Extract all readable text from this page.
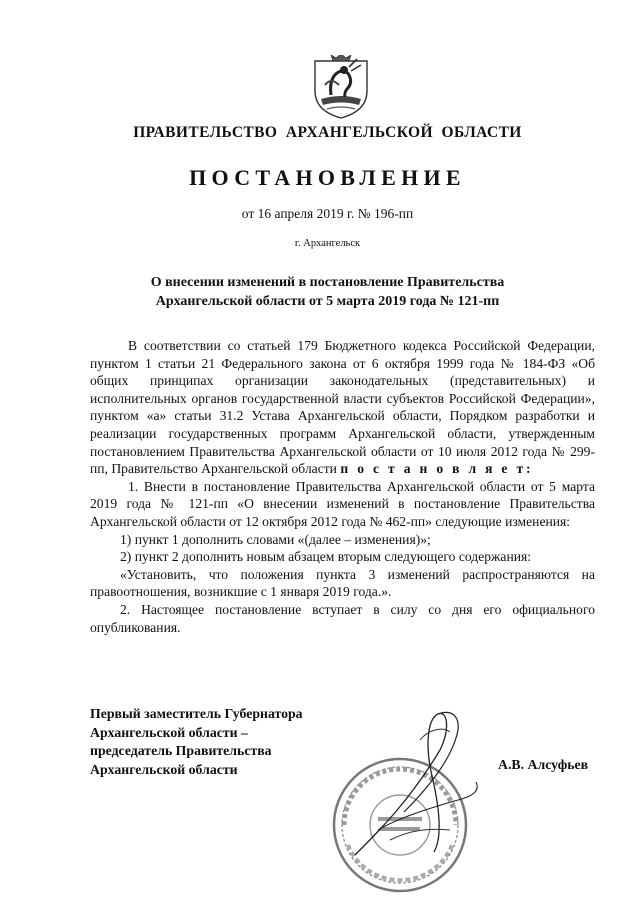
ПРАВИТЕЛЬСТВО  АРХАНГЕЛЬСКОЙ  ОБЛАСТИ
ПОСТАНОВЛЕНИЕ
от 16 апреля 2019 г. № 196-пп
г. Архангельск
О внесении изменений в постановление Правительства
Архангельской области от 5 марта 2019 года № 121-пп

В соответствии со статьей 179 Бюджетного кодекса Российской Федерации, пунктом 1 статьи 21 Федерального закона от 6 октября 1999 года № 184-ФЗ «Об общих принципах организации законодательных (представительных) и исполнительных органов государственной власти субъектов Российской Федерации», пунктом «а» статьи 31.2 Устава Архангельской области, Порядком разработки и реализации государственных программ Архангельской области, утвержденным постановлением Правительства Архангельской области от 10 июля 2012 года № 299-пп, Правительство Архангельской области п о с т а н о в л я е т:

1. Внести в постановление Правительства Архангельской области от 5 марта 2019 года № 121-пп «О внесении изменений в постановление Правительства Архангельской области от 12 октября 2012 года № 462-пп» следующие изменения:

1) пункт 1 дополнить словами «(далее – изменения)»;

2) пункт 2 дополнить новым абзацем вторым следующего содержания:

«Установить, что положения пункта 3 изменений распространяются на правоотношения, возникшие с 1 января 2019 года.».

2. Настоящее постановление вступает в силу со дня его официального опубликования.

Первый заместитель Губернатора
Архангельской области –
председатель Правительства
Архангельской области	А.В. Алсуфьев
